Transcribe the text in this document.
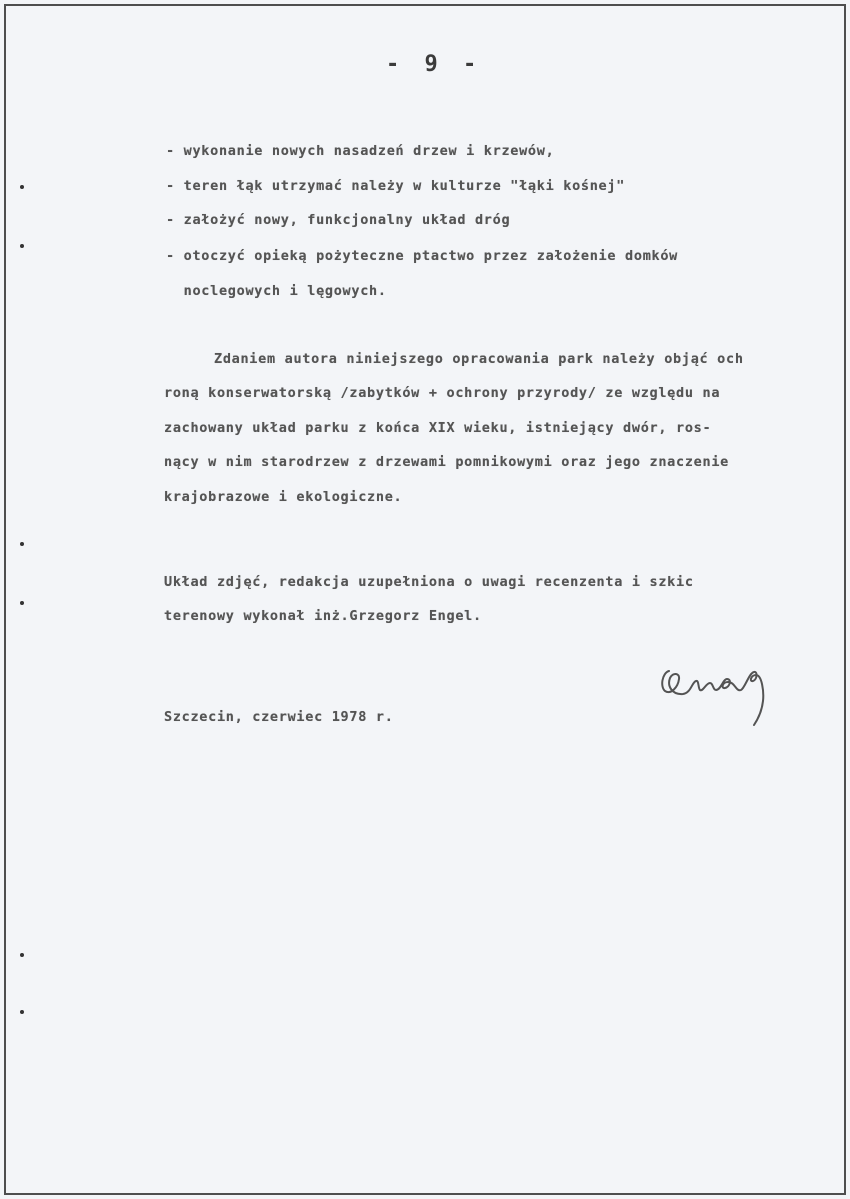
- 9 -
- wykonanie nowych nasadzeń drzew i krzewów,
- teren łąk utrzymać należy w kulturze "łąki kośnej"
- założyć nowy, funkcjonalny układ dróg
- otoczyć opieką pożyteczne ptactwo przez założenie domków
noclegowych i lęgowych.
Zdaniem autora niniejszego opracowania park należy objąć och
roną konserwatorską /zabytków + ochrony przyrody/ ze względu na
zachowany układ parku z końca XIX wieku, istniejący dwór, ros-
nący w nim starodrzew z drzewami pomnikowymi oraz jego znaczenie
krajobrazowe i ekologiczne.
Układ zdjęć, redakcja uzupełniona o uwagi recenzenta i szkic
terenowy wykonał inż.Grzegorz Engel.
Szczecin, czerwiec 1978 r.
